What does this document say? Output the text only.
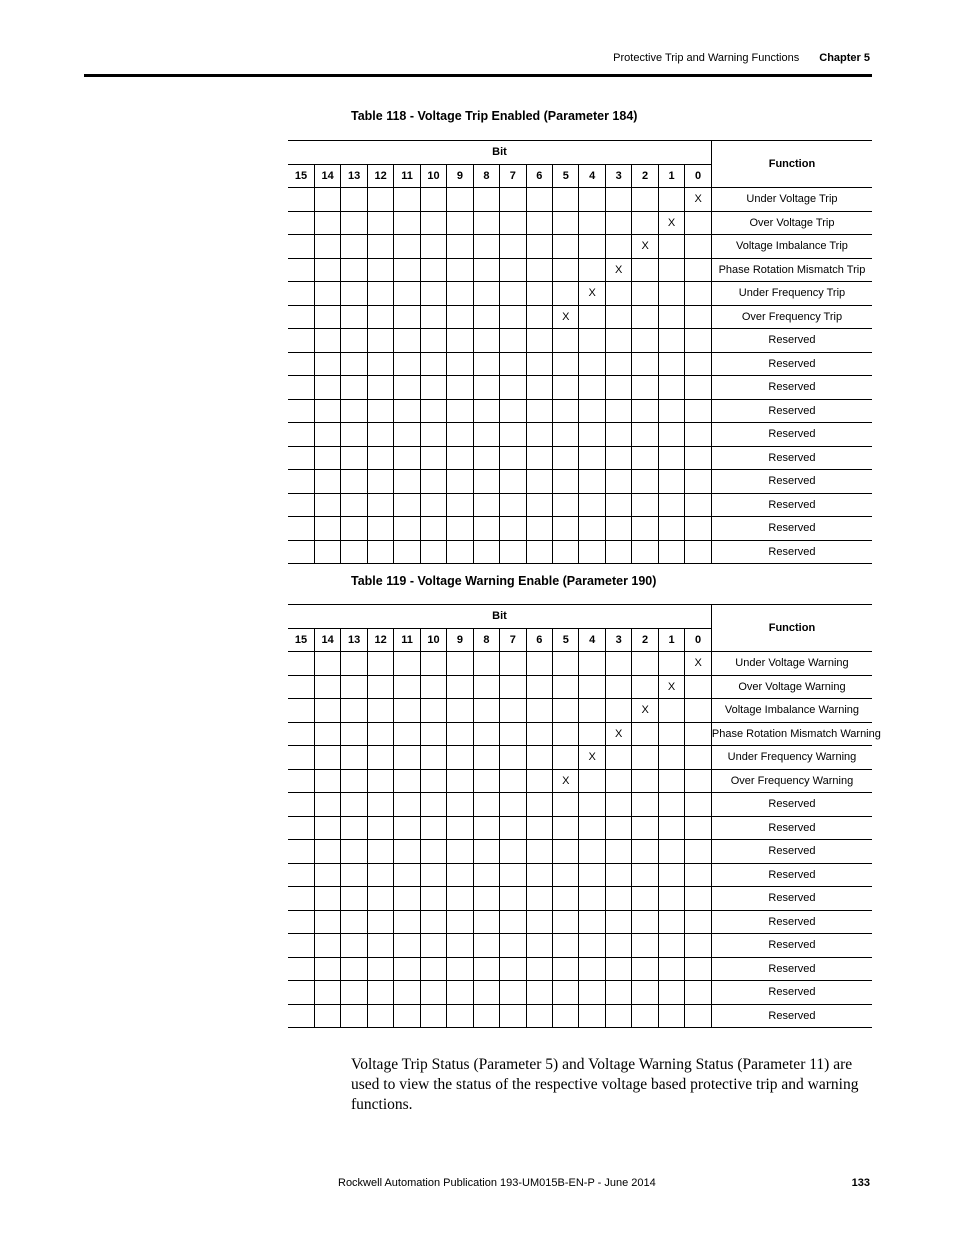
Protective Trip and Warning Functions Chapter 5
Table 118 - Voltage Trip Enabled (Parameter 184)
Bit																Function
15	14	13	12	11	10	9	8	7	6	5	4	3	2	1	0	
															X	Under Voltage Trip
														X		Over Voltage Trip
													X			Voltage Imbalance Trip
												X				Phase Rotation Mismatch Trip
											X					Under Frequency Trip
										X						Over Frequency Trip
																Reserved
																Reserved
																Reserved
																Reserved
																Reserved
																Reserved
																Reserved
																Reserved
																Reserved
																Reserved
Table 119 - Voltage Warning Enable (Parameter 190)
Bit																Function
15	14	13	12	11	10	9	8	7	6	5	4	3	2	1	0	
															X	Under Voltage Warning
														X		Over Voltage Warning
													X			Voltage Imbalance Warning
												X				Phase Rotation Mismatch Warning
											X					Under Frequency Warning
										X						Over Frequency Warning
																Reserved
																Reserved
																Reserved
																Reserved
																Reserved
																Reserved
																Reserved
																Reserved
																Reserved
																Reserved
Voltage Trip Status (Parameter 5) and Voltage Warning Status (Parameter 11) are used to view the status of the respective voltage based protective trip and warning functions.
Rockwell Automation Publication 193-UM015B-EN-P - June 2014	133
